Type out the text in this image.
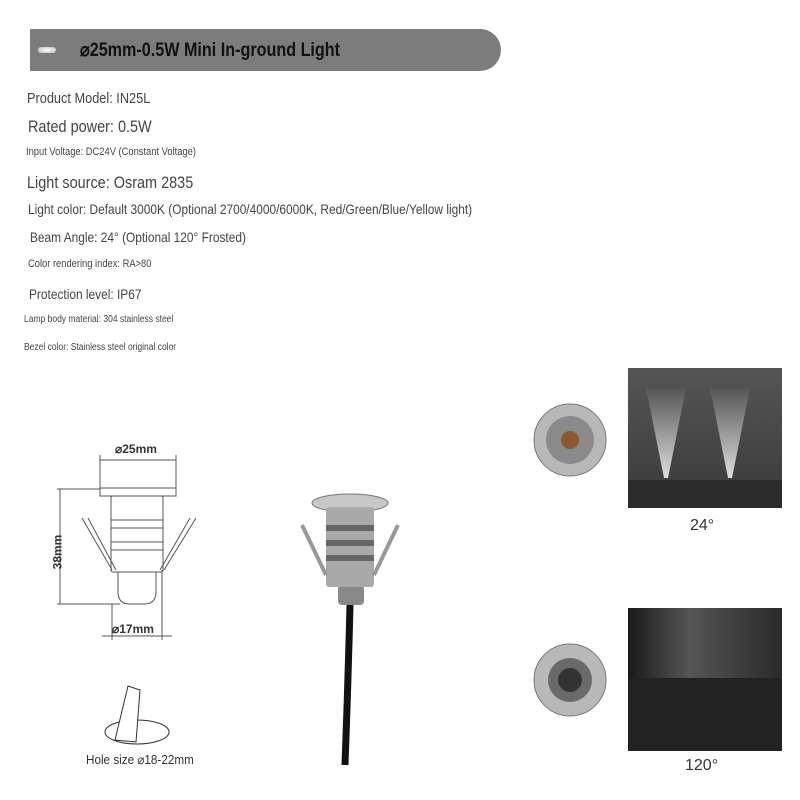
⌀25mm-0.5W Mini In-ground Light
Product Model: IN25L
Rated power: 0.5W
Input Voltage: DC24V (Constant Voltage)
Light source: Osram 2835
Light color: Default 3000K (Optional 2700/4000/6000K, Red/Green/Blue/Yellow light)
Beam Angle: 24° (Optional 120° Frosted)
Color rendering index: RA>80
Protection level: IP67
Lamp body material: 304 stainless steel
Bezel color: Stainless steel original color
⌀25mm
38mm
⌀17mm
Hole size ⌀18-22mm
24°
120°
